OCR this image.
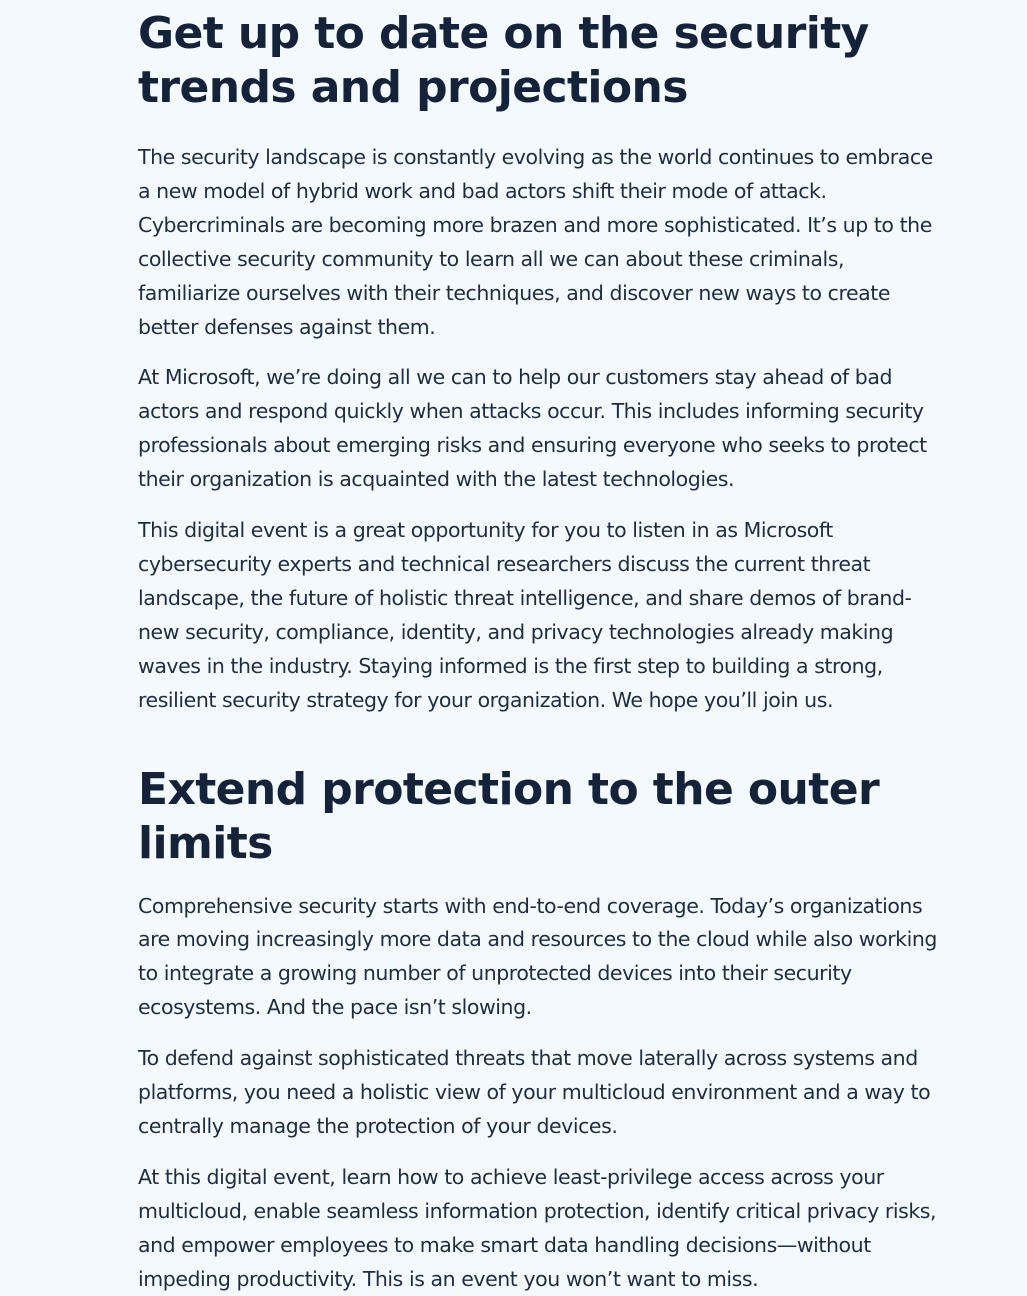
Get up to date on the security trends and projections

The security landscape is constantly evolving as the world continues to embrace a new model of hybrid work and bad actors shift their mode of attack. Cybercriminals are becoming more brazen and more sophisticated. It’s up to the collective security community to learn all we can about these criminals, familiarize ourselves with their techniques, and discover new ways to create better defenses against them.

At Microsoft, we’re doing all we can to help our customers stay ahead of bad actors and respond quickly when attacks occur. This includes informing security professionals about emerging risks and ensuring everyone who seeks to protect their organization is acquainted with the latest technologies.

This digital event is a great opportunity for you to listen in as Microsoft cybersecurity experts and technical researchers discuss the current threat landscape, the future of holistic threat intelligence, and share demos of brand-new security, compliance, identity, and privacy technologies already making waves in the industry. Staying informed is the first step to building a strong, resilient security strategy for your organization. We hope you’ll join us.

Extend protection to the outer limits

Comprehensive security starts with end-to-end coverage. Today’s organizations are moving increasingly more data and resources to the cloud while also working to integrate a growing number of unprotected devices into their security ecosystems. And the pace isn’t slowing.

To defend against sophisticated threats that move laterally across systems and platforms, you need a holistic view of your multicloud environment and a way to centrally manage the protection of your devices.

At this digital event, learn how to achieve least-privilege access across your multicloud, enable seamless information protection, identify critical privacy risks, and empower employees to make smart data handling decisions—without impeding productivity. This is an event you won’t want to miss.
